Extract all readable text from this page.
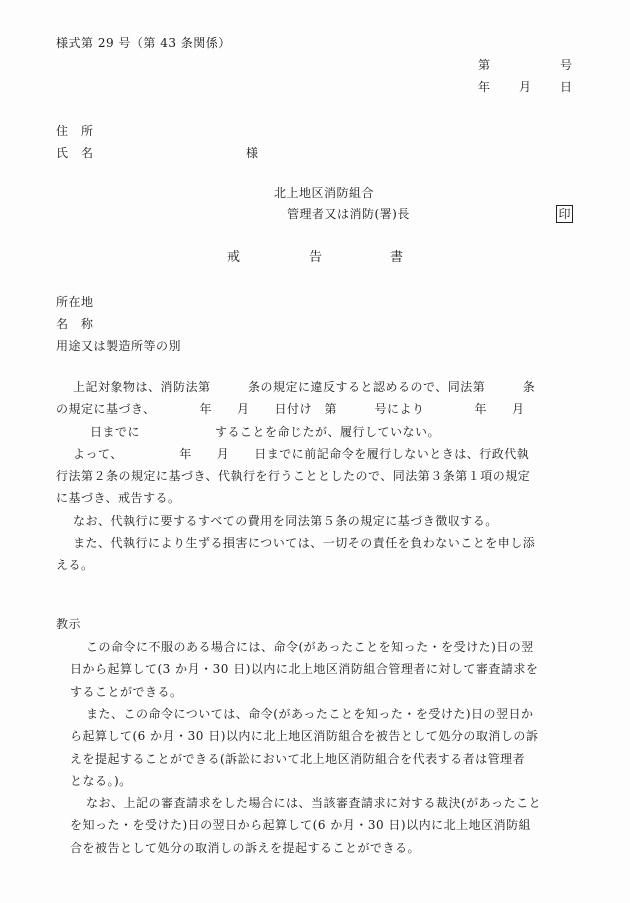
様式第 29 号（第 43 条関係）
第	号
年 月 日
住　所
氏　名	様
北上地区消防組合
管理者又は消防(署)長	印
戒	告	書
所在地
名　称
用途又は製造所等の別
上記対象物は、消防法第　　　条の規定に違反すると認めるので、同法第　　　条
の規定に基づき、　　　　年　　月　　日付け　第　　　号により　　　　年　　月
日までに　　　　　　することを命じたが、履行していない。
よって、　　　　　年　　月　　日までに前記命令を履行しないときは、行政代執
行法第２条の規定に基づき、代執行を行うこととしたので、同法第３条第１項の規定
に基づき、戒告する。
なお、代執行に要するすべての費用を同法第５条の規定に基づき徴収する。
また、代執行により生ずる損害については、一切その責任を負わないことを申し添
える。
教示
この命令に不服のある場合には、命令(があったことを知った・を受けた)日の翌
日から起算して(3 か月・30 日)以内に北上地区消防組合管理者に対して審査請求を
することができる。
また、この命令については、命令(があったことを知った・を受けた)日の翌日か
ら起算して(6 か月・30 日)以内に北上地区消防組合を被告として処分の取消しの訴
えを提起することができる(訴訟において北上地区消防組合を代表する者は管理者
となる。)。
なお、上記の審査請求をした場合には、当該審査請求に対する裁決(があったこと
を知った・を受けた)日の翌日から起算して(6 か月・30 日)以内に北上地区消防組
合を被告として処分の取消しの訴えを提起することができる。
